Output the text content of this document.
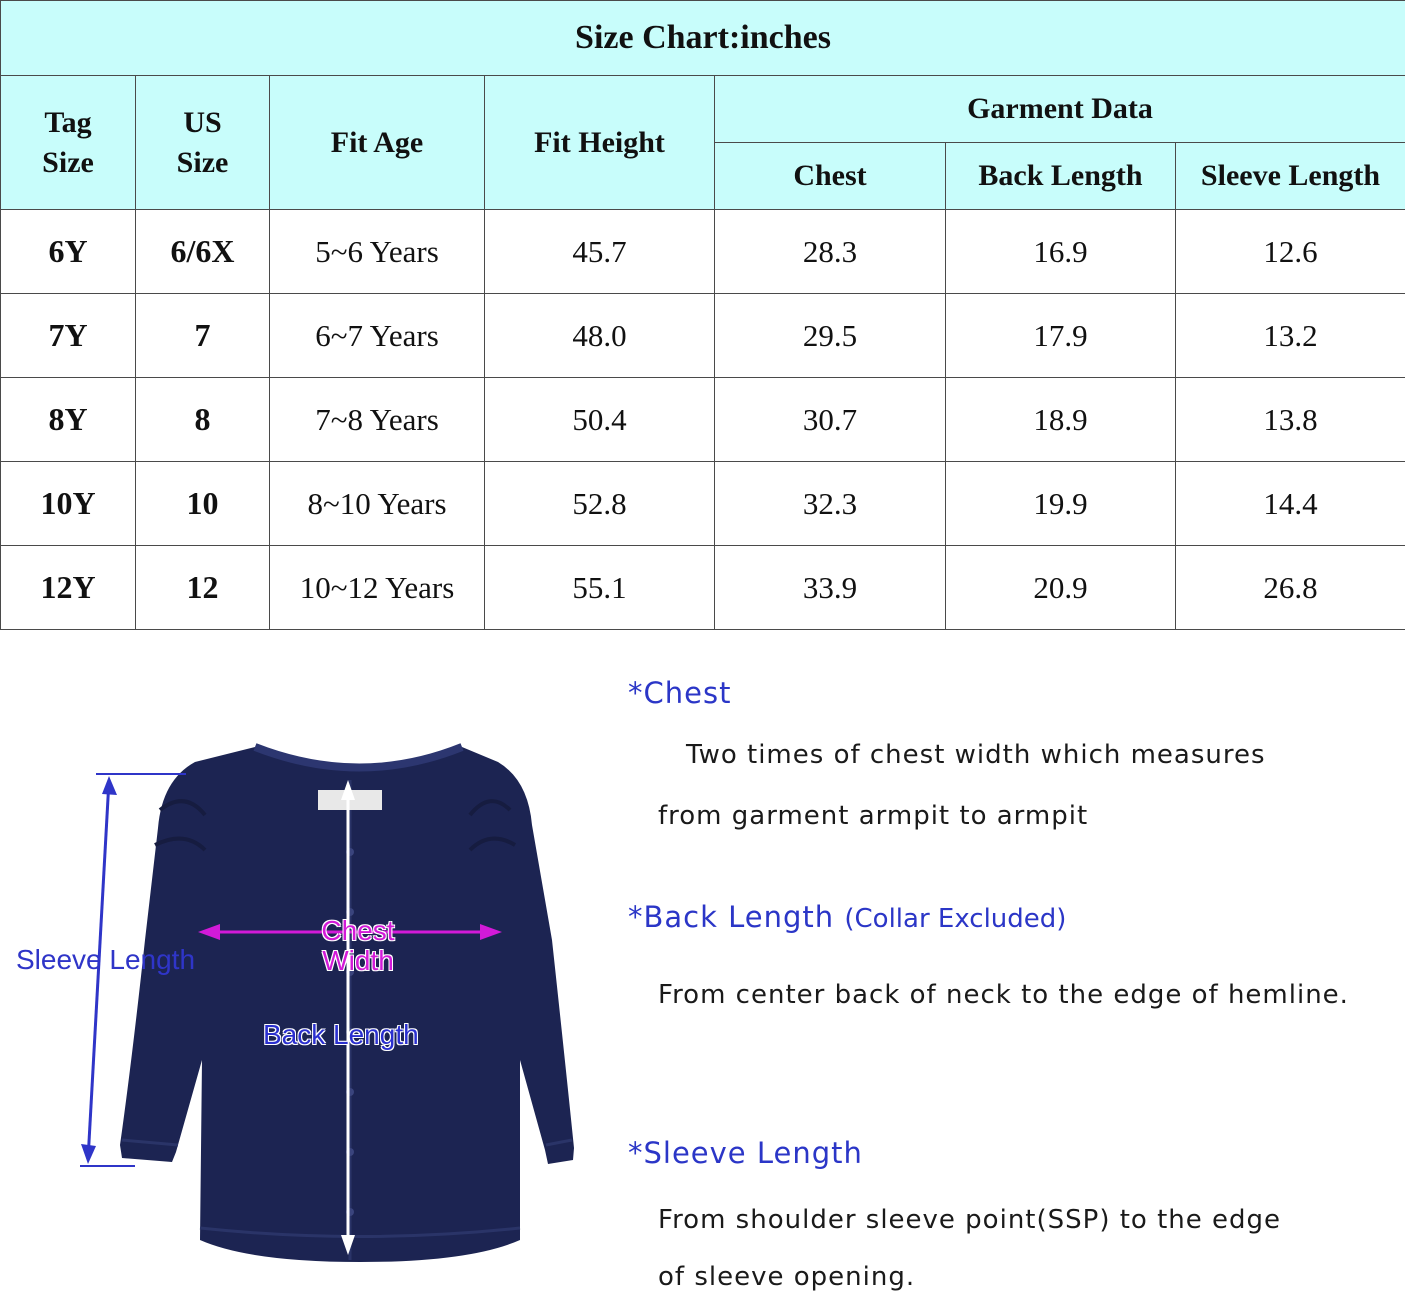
Size Chart:inches						

Tag Size	US Size	Fit Age	Fit Height	Garment Data		
				Chest	Back Length	Sleeve Length
6Y	6/6X	5~6 Years	45.7	28.3	16.9	12.6
7Y	7	6~7 Years	48.0	29.5	17.9	13.2
8Y	8	7~8 Years	50.4	30.7	18.9	13.8
10Y	10	8~10 Years	52.8	32.3	19.9	14.4
12Y	12	10~12 Years	55.1	33.9	20.9	26.8
Sleeve Length
Chest
Width
Back Length
*Chest
Two times of chest width which measures
from garment armpit to armpit
*Back Length (Collar Excluded)
From center back of neck to the edge of hemline.
*Sleeve Length
From shoulder sleeve point(SSP) to the edge
of sleeve opening.
